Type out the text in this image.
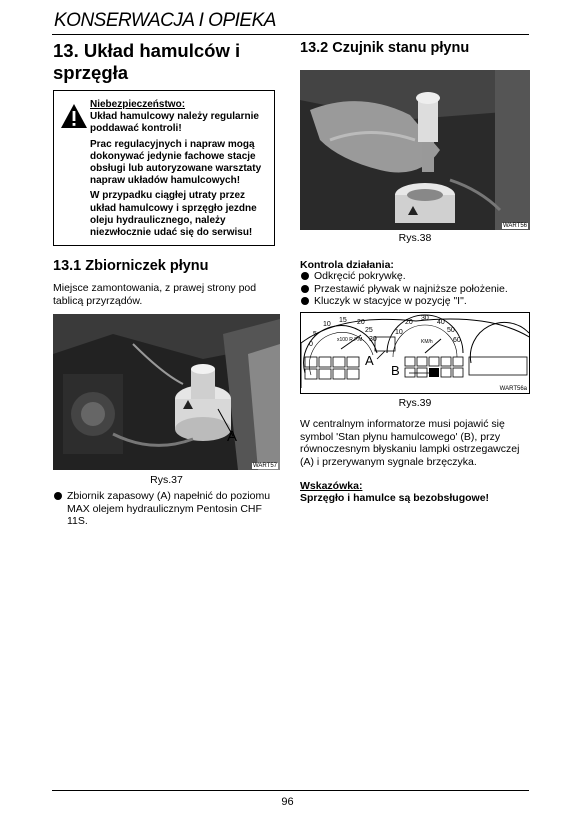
KONSERWACJA I OPIEKA
13. Układ hamulców i
sprzęgła

Niebezpieczeństwo:

Układ hamulcowy należy regularnie poddawać kontroli!

Prac regulacyjnych i napraw mogą dokonywać jedynie fachowe stacje obsługi lub autoryzowane warsztaty napraw układów hamulcowych!

W przypadku ciągłej utraty przez układ hamulcowy i sprzęgło jezdne oleju hydraulicznego, należy niezwłocznie udać się do serwisu!

13.1 Zbiorniczek płynu
Miejsce zamontowania, z prawej strony pod tablicą przyrządów.
A
WART57
Rys.37
Zbiornik zapasowy (A) napełnić do poziomu MAX olejem hydraulicznym Pentosin CHF 11S.
13.2 Czujnik stanu płynu
WART56
Rys.38
Kontrola działania:
Odkręcić pokrywkę.
Przestawić pływak w najniższe położenie.
Kluczyk w stacyjce w pozycję "I".
10
15 20
25
30
5
0
x100 R.P.M.
20
30
40
50
10
60
KM/h
A
B
WART56a
Rys.39
W centralnym informatorze musi pojawić się symbol 'Stan płynu hamulcowego' (B), przy równoczesnym błyskaniu lampki ostrzegawczej (A) i przerywanym sygnale brzęczyka.
Wskazówka:
Sprzęgło i hamulce są bezobsługowe!
96
